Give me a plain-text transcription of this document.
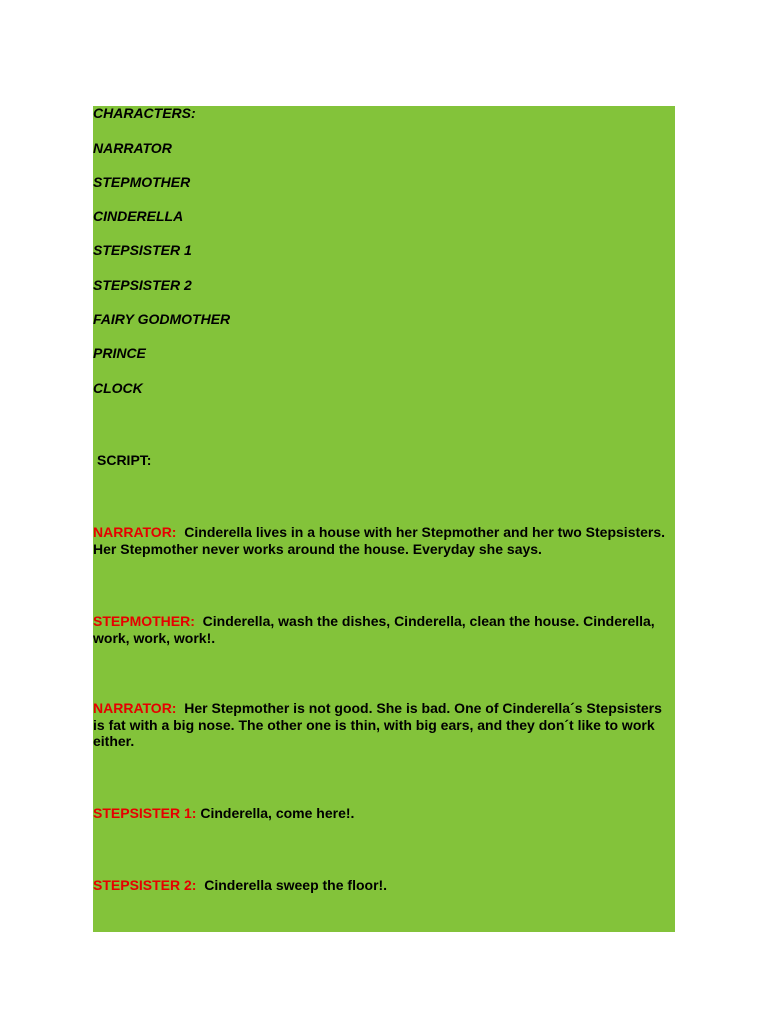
CHARACTERS:
NARRATOR
STEPMOTHER
CINDERELLA
STEPSISTER 1
STEPSISTER 2
FAIRY GODMOTHER
PRINCE
CLOCK
SCRIPT:
NARRATOR: Cinderella lives in a house with her Stepmother and her two Stepsisters. Her Stepmother never works around the house. Everyday she says.
STEPMOTHER: Cinderella, wash the dishes, Cinderella, clean the house. Cinderella, work, work, work!.
NARRATOR: Her Stepmother is not good. She is bad. One of Cinderella´s Stepsisters is fat with a big nose. The other one is thin, with big ears, and they don´t like to work either.
STEPSISTER 1: Cinderella, come here!.
STEPSISTER 2: Cinderella sweep the floor!.
